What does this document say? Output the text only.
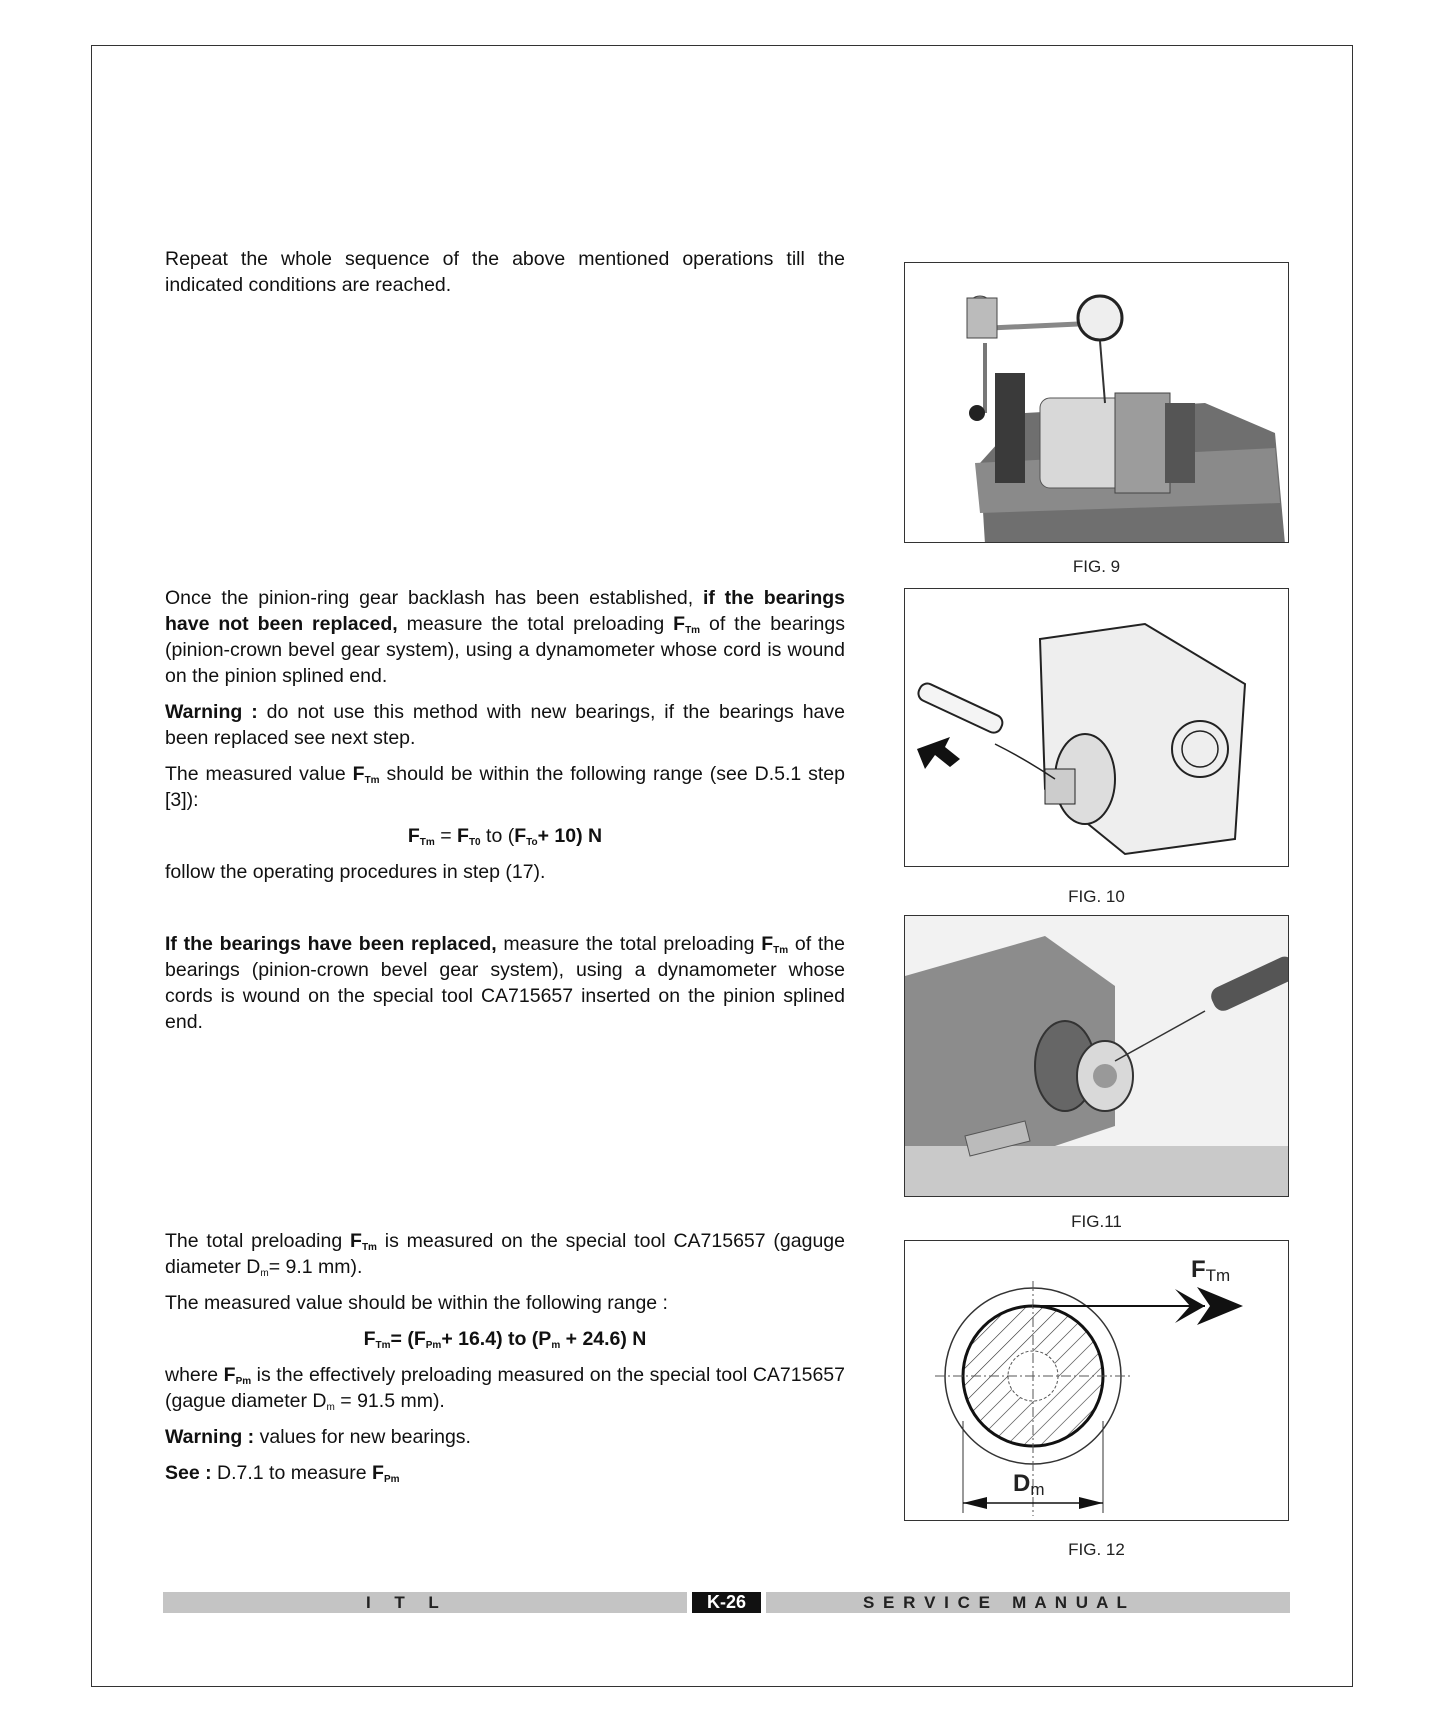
Repeat the whole sequence of the above mentioned operations till the indicated conditions are reached.

Once the pinion-ring gear backlash has been established, if the bearings have not been replaced, measure the total preloading $F_{Tm}$ of the bearings (pinion-crown bevel gear system), using a dynamometer whose cord is wound on the pinion splined end.

Warning : do not use this method with new bearings, if the bearings have been replaced see next step.

The measured value $F_{Tm}$ should be within the following range (see D.5.1 step [3]):

$F_{Tm} = F_{T0}$ to $(F_{To}+ 10)$ N

follow the operating procedures in step (17).

If the bearings have been replaced, measure the total preloading $F_{Tm}$ of the bearings (pinion-crown bevel gear system), using a dynamometer whose cords is wound on the special tool CA715657 inserted on the pinion splined end.

The total preloading $F_{Tm}$ is measured on the special tool CA715657 (gaguge diameter $D_m= 9.1$ mm).

The measured value should be within the following range :

$F_{Tm}= (F_{Pm}+ 16.4)$ to $(P_m + 24.6)$ N

where $F_{Pm}$ is the effectively preloading measured on the special tool CA715657 (gague diameter $D_m = 91.5$ mm).

Warning : values for new bearings.

See : D.7.1 to measure $F_{Pm}$

FIG. 9
FIG. 10
FIG.11
FTm
Dm
FIG. 12
I     T     L	K-26	S E R V I C E   M A N U A L
